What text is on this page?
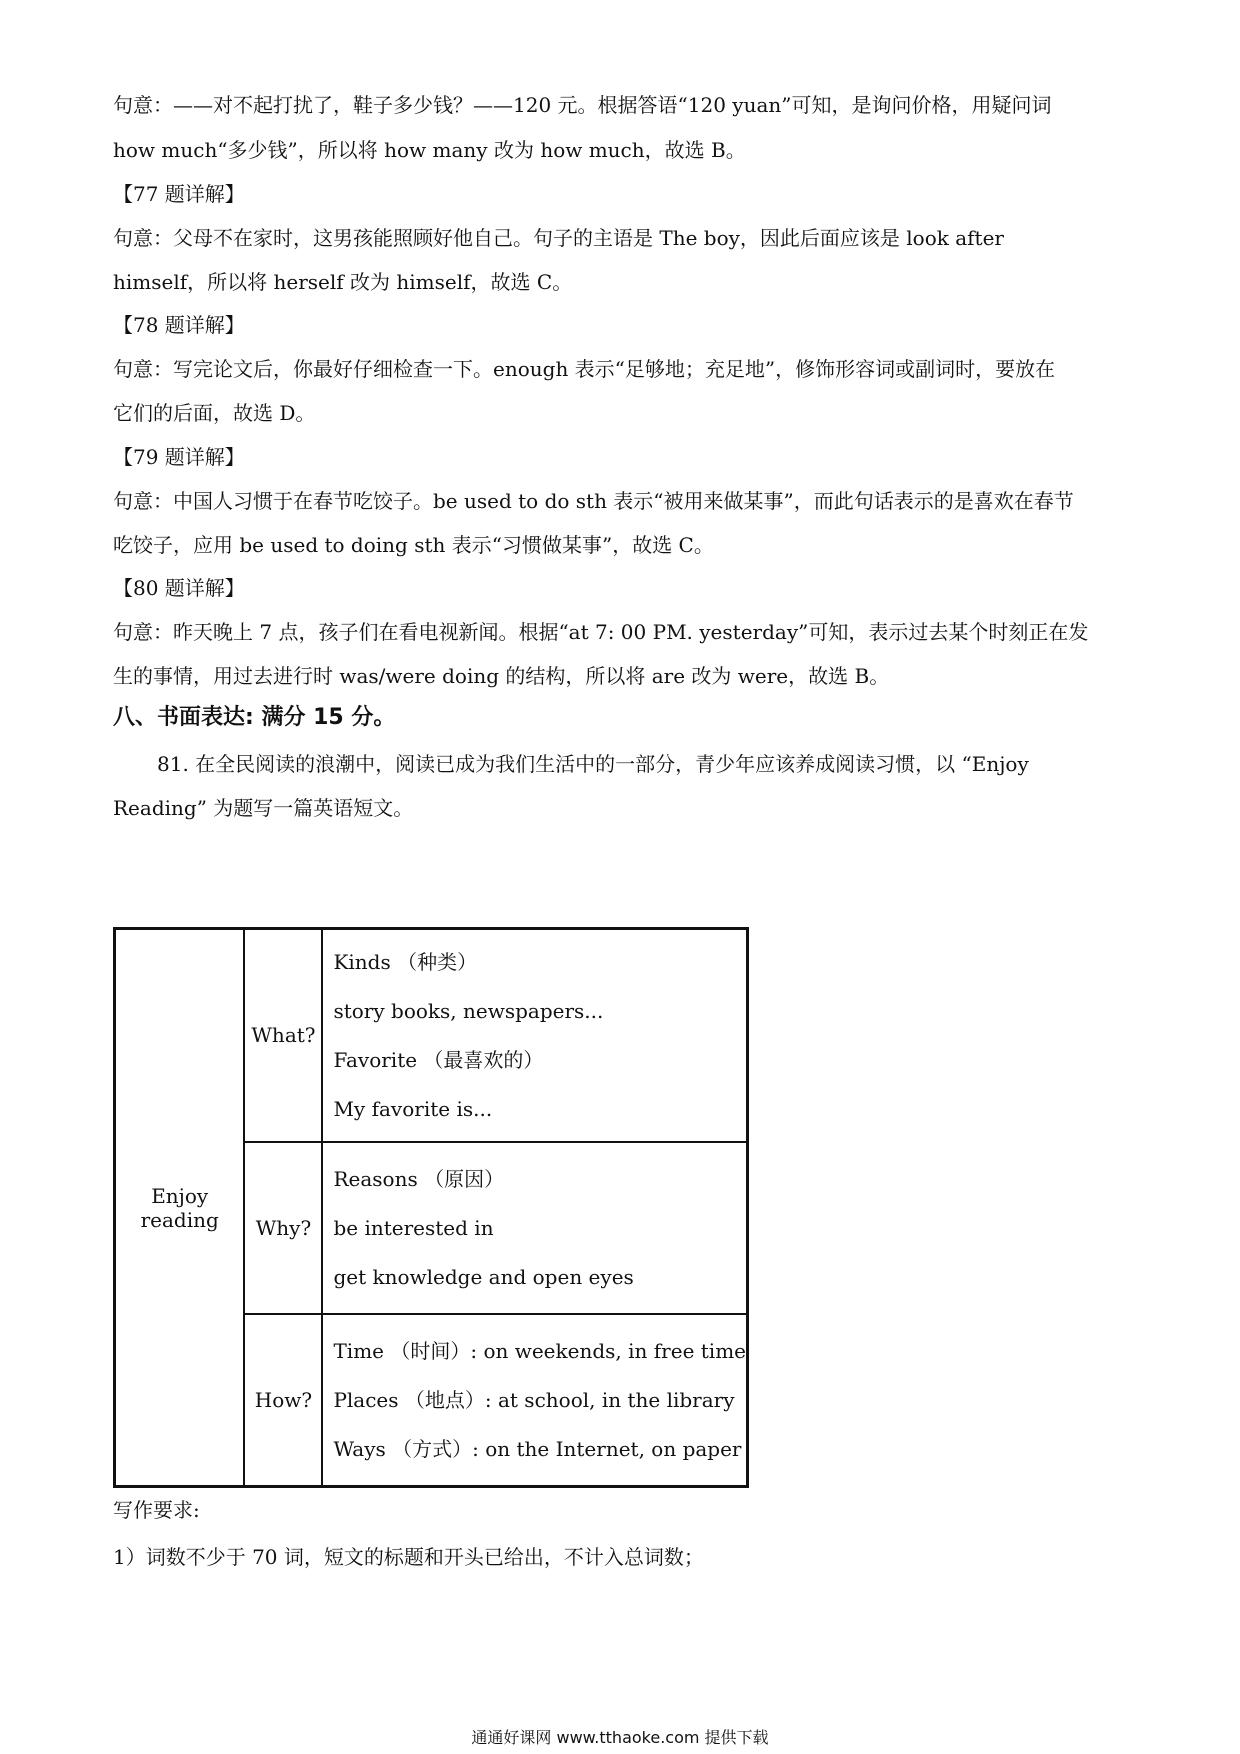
句意：——对不起打扰了，鞋子多少钱？——120 元。根据答语“120 yuan”可知，是询问价格，用疑问词
how much“多少钱”，所以将 how many 改为 how much，故选 B。
【77 题详解】
句意：父母不在家时，这男孩能照顾好他自己。句子的主语是 The boy，因此后面应该是 look after
himself，所以将 herself 改为 himself，故选 C。
【78 题详解】
句意：写完论文后，你最好仔细检查一下。enough 表示“足够地；充足地”，修饰形容词或副词时，要放在
它们的后面，故选 D。
【79 题详解】
句意：中国人习惯于在春节吃饺子。be used to do sth 表示“被用来做某事”，而此句话表示的是喜欢在春节
吃饺子，应用 be used to doing sth 表示“习惯做某事”，故选 C。
【80 题详解】
句意：昨天晚上 7 点，孩子们在看电视新闻。根据“at 7: 00 PM. yesterday”可知，表示过去某个时刻正在发
生的事情，用过去进行时 was/were doing 的结构，所以将 are 改为 were，故选 B。
八、书面表达: 满分 15 分。
81. 在全民阅读的浪潮中，阅读已成为我们生活中的一部分，青少年应该养成阅读习惯，以 “Enjoy
Reading” 为题写一篇英语短文。
Enjoy reading	What?	Kinds （种类）
story books, newspapers...
Favorite （最喜欢的）
My favorite is...

	Why?	Reasons （原因）
be interested in
get knowledge and open eyes

	How?	Time （时间）: on weekends, in free time
Places （地点）: at school, in the library
Ways （方式）: on the Internet, on paper
写作要求:
1）词数不少于 70 词，短文的标题和开头已给出，不计入总词数；
通通好课网 www.tthaoke.com 提供下载
